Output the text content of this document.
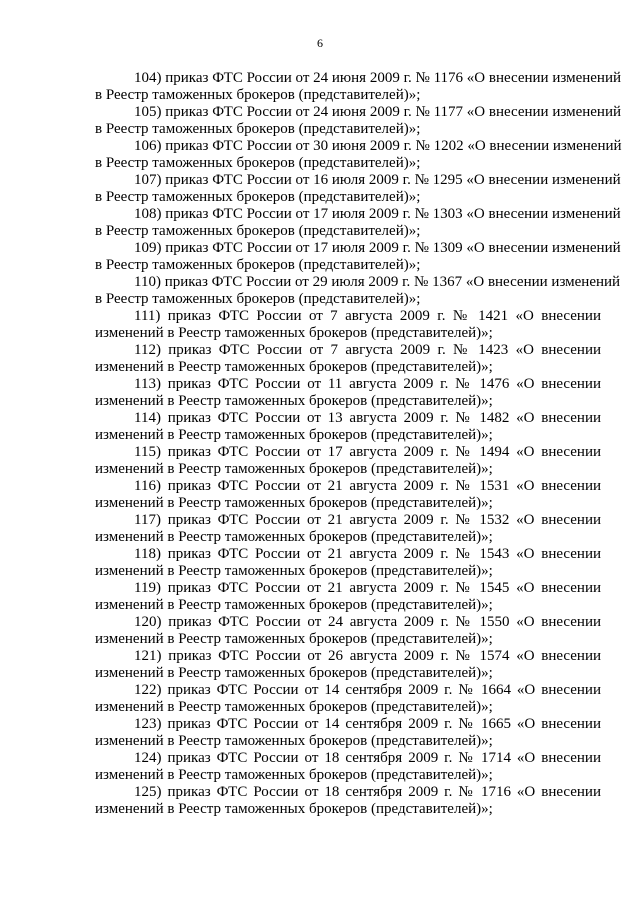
6

104) приказ ФТС России от 24 июня 2009 г. № 1176 «О внесении изменений
в Реестр таможенных брокеров (представителей)»;

105) приказ ФТС России от 24 июня 2009 г. № 1177 «О внесении изменений
в Реестр таможенных брокеров (представителей)»;

106) приказ ФТС России от 30 июня 2009 г. № 1202 «О внесении изменений
в Реестр таможенных брокеров (представителей)»;

107) приказ ФТС России от 16 июля 2009 г. № 1295 «О внесении изменений
в Реестр таможенных брокеров (представителей)»;

108) приказ ФТС России от 17 июля 2009 г. № 1303 «О внесении изменений
в Реестр таможенных брокеров (представителей)»;

109) приказ ФТС России от 17 июля 2009 г. № 1309 «О внесении изменений
в Реестр таможенных брокеров (представителей)»;

110) приказ ФТС России от 29 июля 2009 г. № 1367 «О внесении изменений
в Реестр таможенных брокеров (представителей)»;

111) приказ ФТС России от 7 августа 2009 г. № 1421 «О внесении
изменений в Реестр таможенных брокеров (представителей)»;

112) приказ ФТС России от 7 августа 2009 г. № 1423 «О внесении
изменений в Реестр таможенных брокеров (представителей)»;

113) приказ ФТС России от 11 августа 2009 г. № 1476 «О внесении
изменений в Реестр таможенных брокеров (представителей)»;

114) приказ ФТС России от 13 августа 2009 г. № 1482 «О внесении
изменений в Реестр таможенных брокеров (представителей)»;

115) приказ ФТС России от 17 августа 2009 г. № 1494 «О внесении
изменений в Реестр таможенных брокеров (представителей)»;

116) приказ ФТС России от 21 августа 2009 г. № 1531 «О внесении
изменений в Реестр таможенных брокеров (представителей)»;

117) приказ ФТС России от 21 августа 2009 г. № 1532 «О внесении
изменений в Реестр таможенных брокеров (представителей)»;

118) приказ ФТС России от 21 августа 2009 г. № 1543 «О внесении
изменений в Реестр таможенных брокеров (представителей)»;

119) приказ ФТС России от 21 августа 2009 г. № 1545 «О внесении
изменений в Реестр таможенных брокеров (представителей)»;

120) приказ ФТС России от 24 августа 2009 г. № 1550 «О внесении
изменений в Реестр таможенных брокеров (представителей)»;

121) приказ ФТС России от 26 августа 2009 г. № 1574 «О внесении
изменений в Реестр таможенных брокеров (представителей)»;

122) приказ ФТС России от 14 сентября 2009 г. № 1664 «О внесении
изменений в Реестр таможенных брокеров (представителей)»;

123) приказ ФТС России от 14 сентября 2009 г. № 1665 «О внесении
изменений в Реестр таможенных брокеров (представителей)»;

124) приказ ФТС России от 18 сентября 2009 г. № 1714 «О внесении
изменений в Реестр таможенных брокеров (представителей)»;

125) приказ ФТС России от 18 сентября 2009 г. № 1716 «О внесении
изменений в Реестр таможенных брокеров (представителей)»;
